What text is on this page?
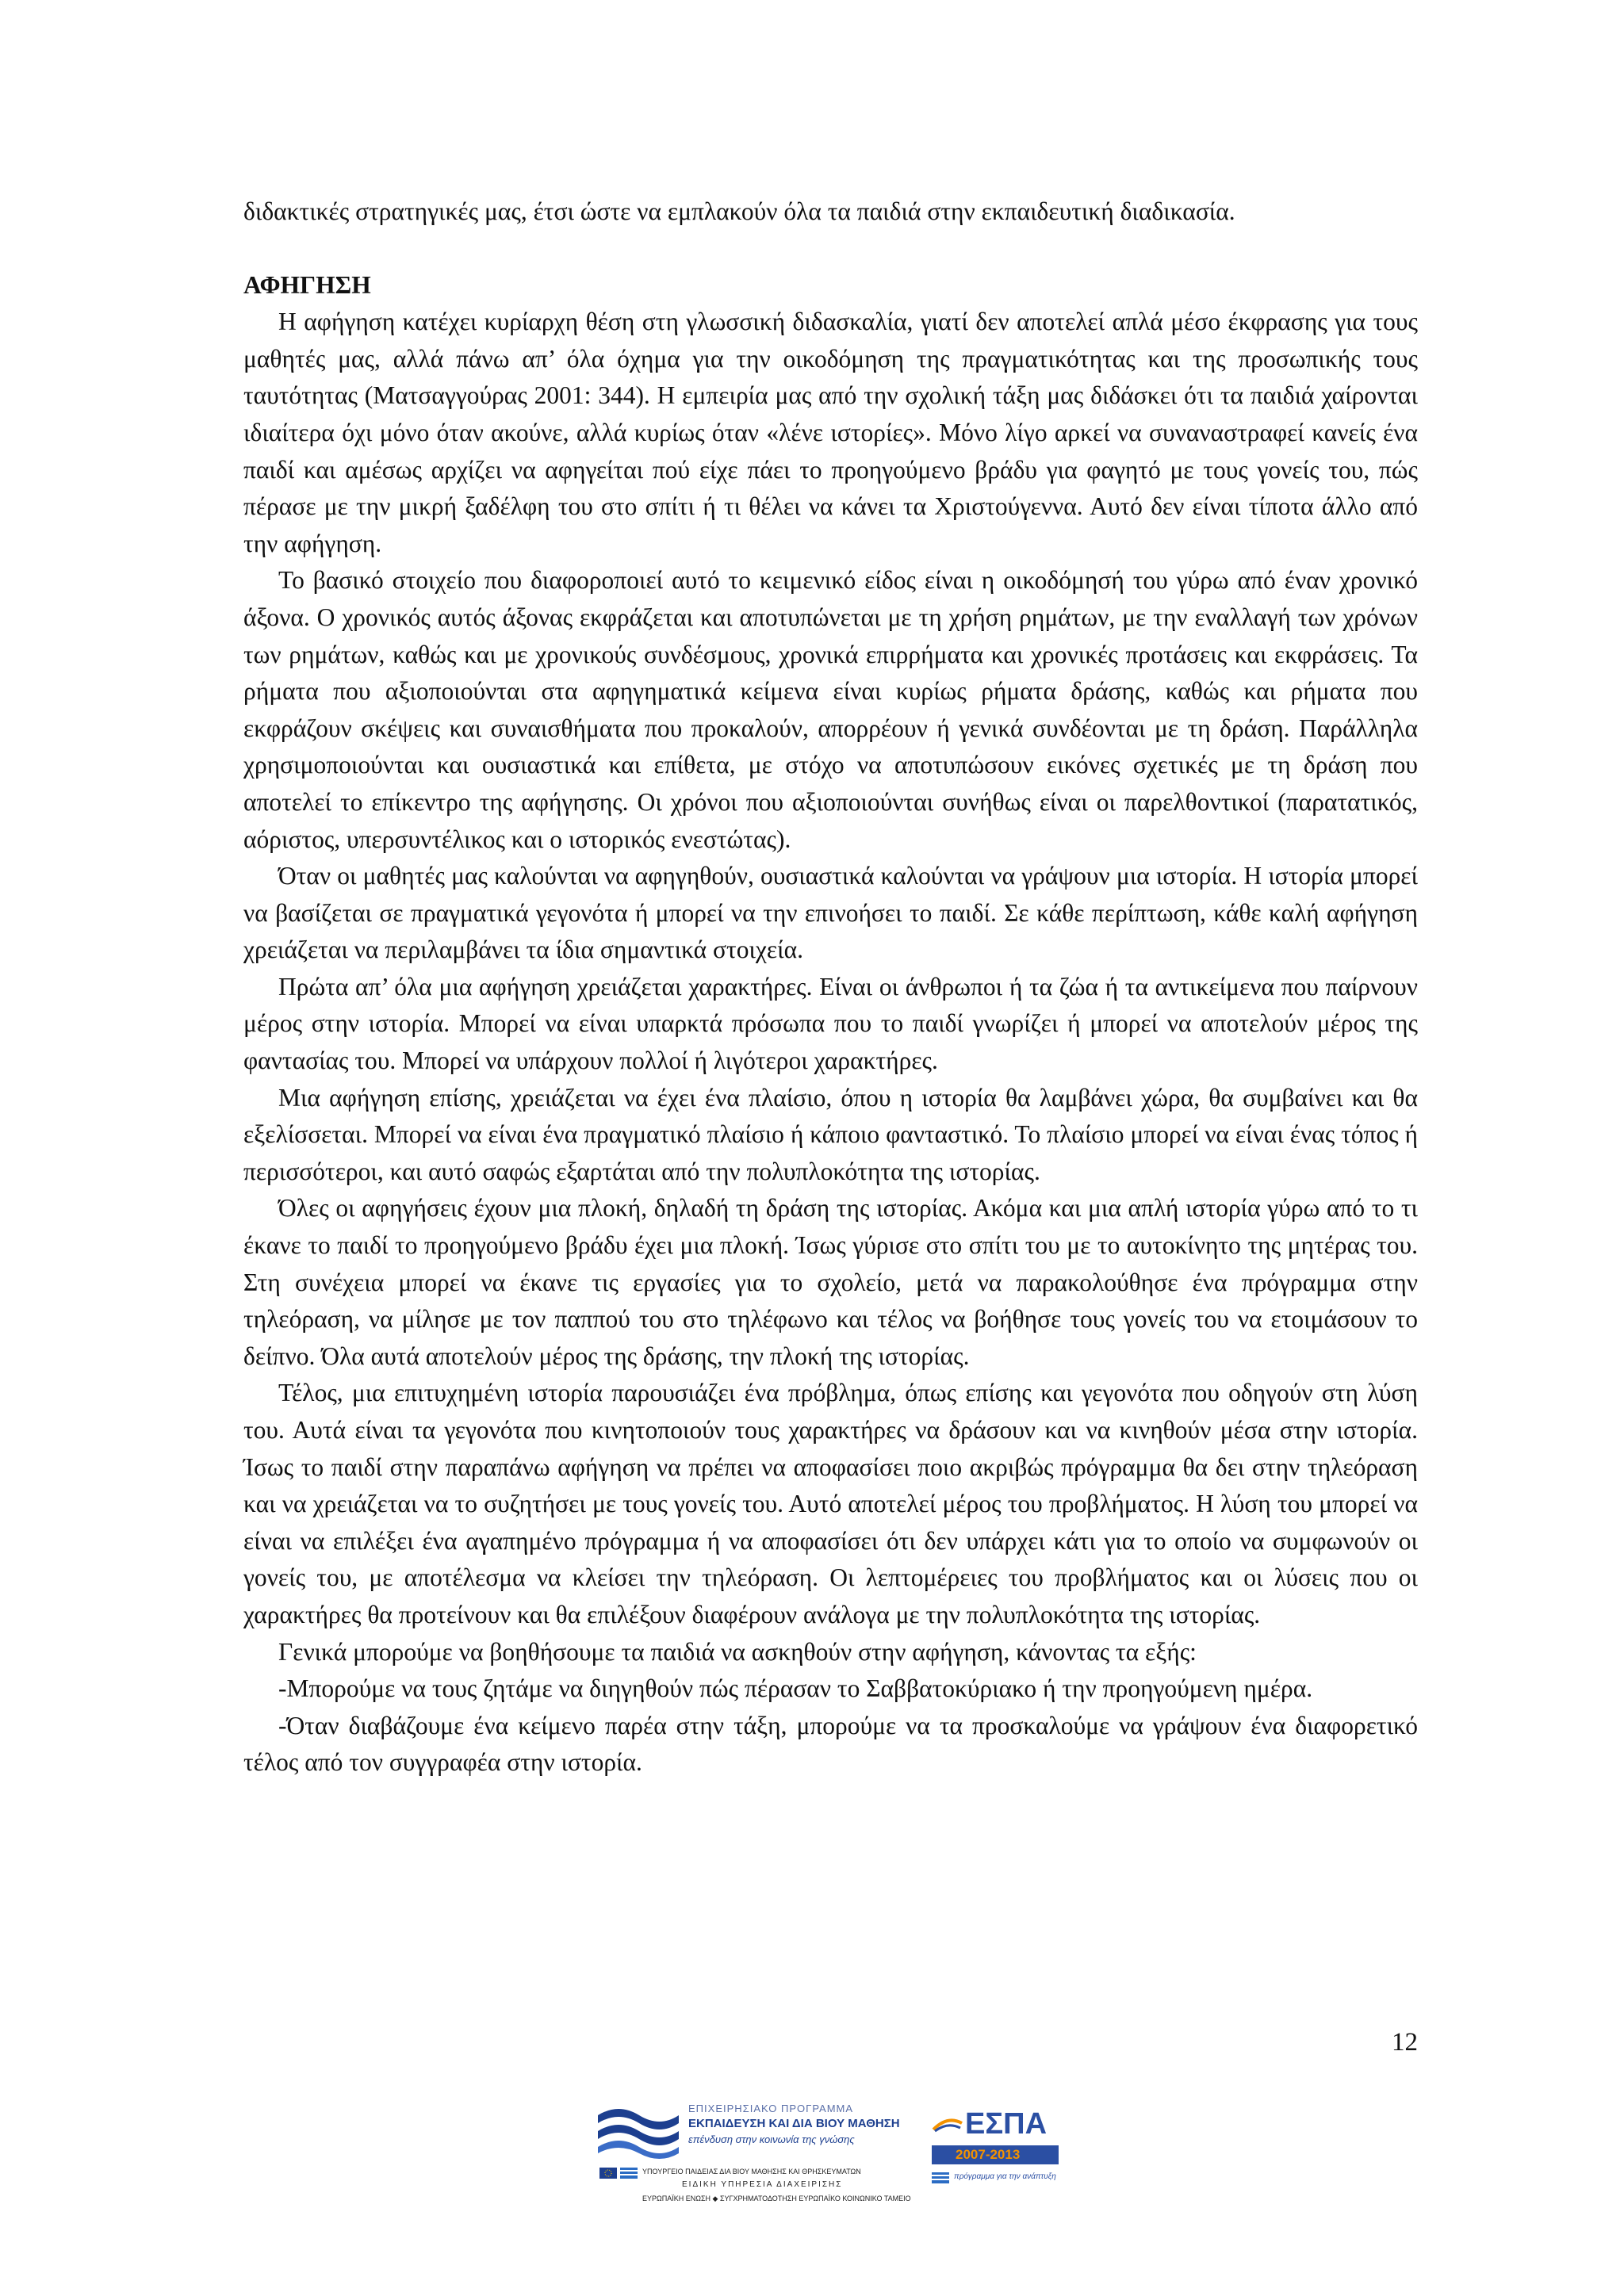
διδακτικές στρατηγικές μας, έτσι ώστε να εμπλακούν όλα τα παιδιά στην εκπαιδευτική διαδικασία.

ΑΦΗΓΗΣΗ

Η αφήγηση κατέχει κυρίαρχη θέση στη γλωσσική διδασκαλία, γιατί δεν αποτελεί απλά μέσο έκφρασης για τους μαθητές μας, αλλά πάνω απ’ όλα όχημα για την οικοδόμηση της πραγματικότητας και της προσωπικής τους ταυτότητας (Ματσαγγούρας 2001: 344). Η εμπειρία μας από την σχολική τάξη μας διδάσκει ότι τα παιδιά χαίρονται ιδιαίτερα όχι μόνο όταν ακούνε, αλλά κυρίως όταν «λένε ιστορίες». Μόνο λίγο αρκεί να συναναστραφεί κανείς ένα παιδί και αμέσως αρχίζει να αφηγείται πού είχε πάει το προηγούμενο βράδυ για φαγητό με τους γονείς του, πώς πέρασε με την μικρή ξαδέλφη του στο σπίτι ή τι θέλει να κάνει τα Χριστούγεννα. Αυτό δεν είναι τίποτα άλλο από την αφήγηση.

Το βασικό στοιχείο που διαφοροποιεί αυτό το κειμενικό είδος είναι η οικοδόμησή του γύρω από έναν χρονικό άξονα. Ο χρονικός αυτός άξονας εκφράζεται και αποτυπώνεται με τη χρήση ρημάτων, με την εναλλαγή των χρόνων των ρημάτων, καθώς και με χρονικούς συνδέσμους, χρονικά επιρρήματα και χρονικές προτάσεις και εκφράσεις. Τα ρήματα που αξιοποιούνται στα αφηγηματικά κείμενα είναι κυρίως ρήματα δράσης, καθώς και ρήματα που εκφράζουν σκέψεις και συναισθήματα που προκαλούν, απορρέουν ή γενικά συνδέονται με τη δράση. Παράλληλα χρησιμοποιούνται και ουσιαστικά και επίθετα, με στόχο να αποτυπώσουν εικόνες σχετικές με τη δράση που αποτελεί το επίκεντρο της αφήγησης. Οι χρόνοι που αξιοποιούνται συνήθως είναι οι παρελθοντικοί (παρατατικός, αόριστος, υπερσυντέλικος και ο ιστορικός ενεστώτας).

Όταν οι μαθητές μας καλούνται να αφηγηθούν, ουσιαστικά καλούνται να γράψουν μια ιστορία. Η ιστορία μπορεί να βασίζεται σε πραγματικά γεγονότα ή μπορεί να την επινοήσει το παιδί. Σε κάθε περίπτωση, κάθε καλή αφήγηση χρειάζεται να περιλαμβάνει τα ίδια σημαντικά στοιχεία.

Πρώτα απ’ όλα μια αφήγηση χρειάζεται χαρακτήρες. Είναι οι άνθρωποι ή τα ζώα ή τα αντικείμενα που παίρνουν μέρος στην ιστορία. Μπορεί να είναι υπαρκτά πρόσωπα που το παιδί γνωρίζει ή μπορεί να αποτελούν μέρος της φαντασίας του. Μπορεί να υπάρχουν πολλοί ή λιγότεροι χαρακτήρες.

Μια αφήγηση επίσης, χρειάζεται να έχει ένα πλαίσιο, όπου η ιστορία θα λαμβάνει χώρα, θα συμβαίνει και θα εξελίσσεται. Μπορεί να είναι ένα πραγματικό πλαίσιο ή κάποιο φανταστικό. Το πλαίσιο μπορεί να είναι ένας τόπος ή περισσότεροι, και αυτό σαφώς εξαρτάται από την πολυπλοκότητα της ιστορίας.

Όλες οι αφηγήσεις έχουν μια πλοκή, δηλαδή τη δράση της ιστορίας. Ακόμα και μια απλή ιστορία γύρω από το τι έκανε το παιδί το προηγούμενο βράδυ έχει μια πλοκή. Ίσως γύρισε στο σπίτι του με το αυτοκίνητο της μητέρας του. Στη συνέχεια μπορεί να έκανε τις εργασίες για το σχολείο, μετά να παρακολούθησε ένα πρόγραμμα στην τηλεόραση, να μίλησε με τον παππού του στο τηλέφωνο και τέλος να βοήθησε τους γονείς του να ετοιμάσουν το δείπνο. Όλα αυτά αποτελούν μέρος της δράσης, την πλοκή της ιστορίας.

Τέλος, μια επιτυχημένη ιστορία παρουσιάζει ένα πρόβλημα, όπως επίσης και γεγονότα που οδηγούν στη λύση του. Αυτά είναι τα γεγονότα που κινητοποιούν τους χαρακτήρες να δράσουν και να κινηθούν μέσα στην ιστορία. Ίσως το παιδί στην παραπάνω αφήγηση να πρέπει να αποφασίσει ποιο ακριβώς πρόγραμμα θα δει στην τηλεόραση και να χρειάζεται να το συζητήσει με τους γονείς του. Αυτό αποτελεί μέρος του προβλήματος. Η λύση του μπορεί να είναι να επιλέξει ένα αγαπημένο πρόγραμμα ή να αποφασίσει ότι δεν υπάρχει κάτι για το οποίο να συμφωνούν οι γονείς του, με αποτέλεσμα να κλείσει την τηλεόραση. Οι λεπτομέρειες του προβλήματος και οι λύσεις που οι χαρακτήρες θα προτείνουν και θα επιλέξουν διαφέρουν ανάλογα με την πολυπλοκότητα της ιστορίας.

Γενικά μπορούμε να βοηθήσουμε τα παιδιά να ασκηθούν στην αφήγηση, κάνοντας τα εξής:

-Μπορούμε να τους ζητάμε να διηγηθούν πώς πέρασαν το Σαββατοκύριακο ή την προηγούμενη ημέρα.

-Όταν διαβάζουμε ένα κείμενο παρέα στην τάξη, μπορούμε να τα προσκαλούμε να γράψουν ένα διαφορετικό τέλος από τον συγγραφέα στην ιστορία.

12
ΕΠΙΧΕΙΡΗΣΙΑΚΟ ΠΡΟΓΡΑΜΜΑ
ΕΚΠΑΙΔΕΥΣΗ ΚΑΙ ΔΙΑ ΒΙΟΥ ΜΑΘΗΣΗ
επένδυση στην κοινωνία της γνώσης
ΥΠΟΥΡΓΕΙΟ ΠΑΙΔΕΙΑΣ ΔΙΑ ΒΙΟΥ ΜΑΘΗΣΗΣ ΚΑΙ ΘΡΗΣΚΕΥΜΑΤΩΝ
ΕΙΔΙΚΗ ΥΠΗΡΕΣΙΑ ΔΙΑΧΕΙΡΙΣΗΣ
ΕΥΡΩΠΑΪΚΗ ΕΝΩΣΗ ◆ ΣΥΓΧΡΗΜΑΤΟΔΟΤΗΣΗ ΕΥΡΩΠΑΪΚΟ ΚΟΙΝΩΝΙΚΟ ΤΑΜΕΙΟ
ΕΣΠΑ
2007-2013
πρόγραμμα για την ανάπτυξη
